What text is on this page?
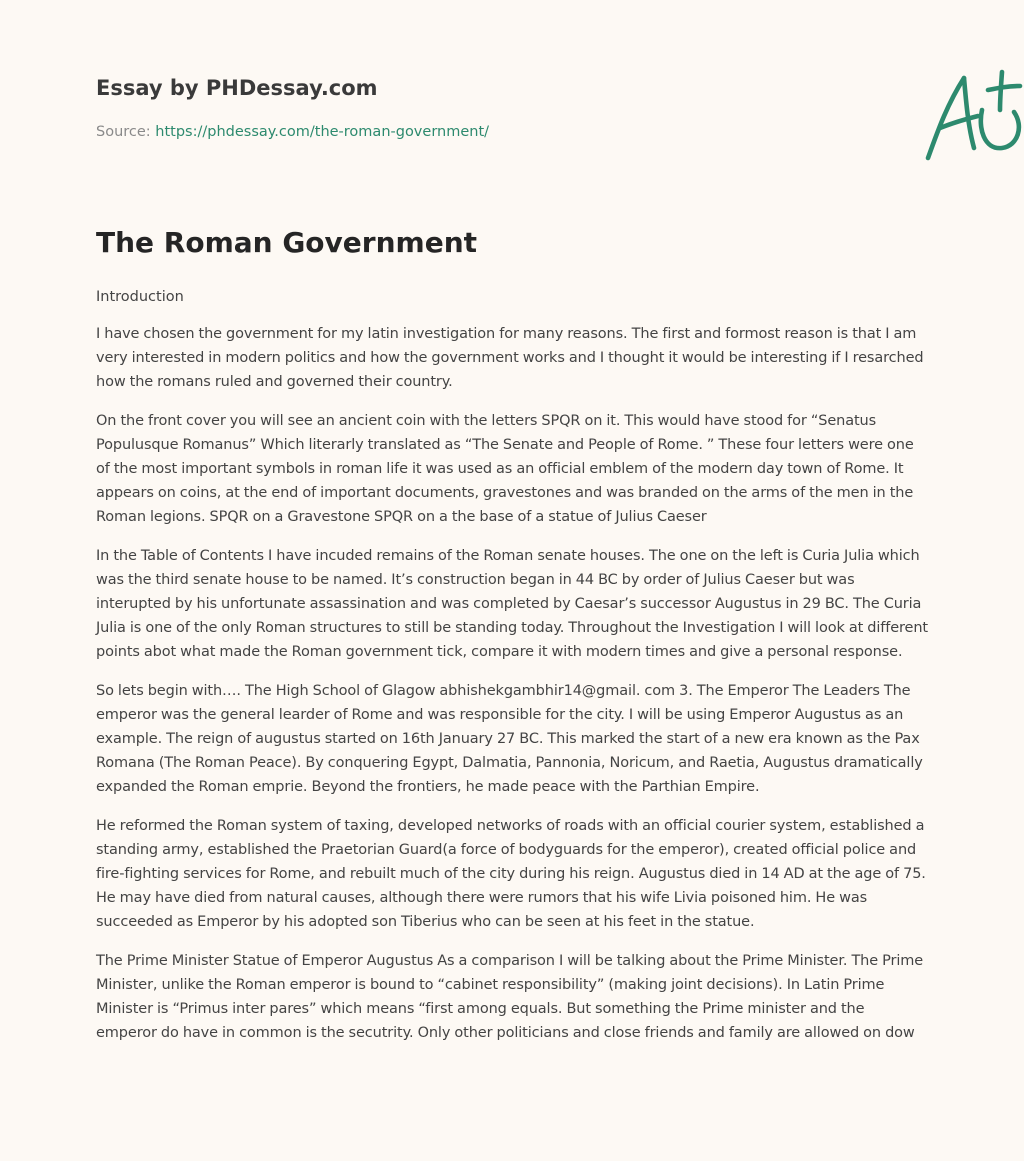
Essay by PHDessay.com
Source: https://phdessay.com/the-roman-government/
The Roman Government

Introduction

I have chosen the government for my latin investigation for many reasons. The first and formost reason is that I am very interested in modern politics and how the government works and I thought it would be interesting if I resarched how the romans ruled and governed their country.

On the front cover you will see an ancient coin with the letters SPQR on it. This would have stood for “Senatus Populusque Romanus” Which literarly translated as “The Senate and People of Rome. ” These four letters were one of the most important symbols in roman life it was used as an official emblem of the modern day town of Rome. It appears on coins, at the end of important documents, gravestones and was branded on the arms of the men in the Roman legions. SPQR on a Gravestone SPQR on a the base of a statue of Julius Caeser

In the Table of Contents I have incuded remains of the Roman senate houses. The one on the left is Curia Julia which was the third senate house to be named. It’s construction began in 44 BC by order of Julius Caeser but was interupted by his unfortunate assassination and was completed by Caesar’s successor Augustus in 29 BC. The Curia Julia is one of the only Roman structures to still be standing today. Throughout the Investigation I will look at different points abot what made the Roman government tick, compare it with modern times and give a personal response.

So lets begin with…. The High School of Glagow abhishekgambhir14@gmail. com 3. The Emperor The Leaders The emperor was the general learder of Rome and was responsible for the city. I will be using Emperor Augustus as an example. The reign of augustus started on 16th January 27 BC. This marked the start of a new era known as the Pax Romana (The Roman Peace). By conquering Egypt, Dalmatia, Pannonia, Noricum, and Raetia, Augustus dramatically expanded the Roman emprie. Beyond the frontiers, he made peace with the Parthian Empire.

He reformed the Roman system of taxing, developed networks of roads with an official courier system, established a standing army, established the Praetorian Guard(a force of bodyguards for the emperor), created official police and fire-fighting services for Rome, and rebuilt much of the city during his reign. Augustus died in 14 AD at the age of 75. He may have died from natural causes, although there were rumors that his wife Livia poisoned him. He was succeeded as Emperor by his adopted son Tiberius who can be seen at his feet in the statue.

The Prime Minister Statue of Emperor Augustus As a comparison I will be talking about the Prime Minister. The Prime Minister, unlike the Roman emperor is bound to “cabinet responsibility” (making joint decisions). In Latin Prime Minister is “Primus inter pares” which means “first among equals. But something the Prime minister and the emperor do have in common is the secutrity. Only other politicians and close friends and family are allowed on dow
